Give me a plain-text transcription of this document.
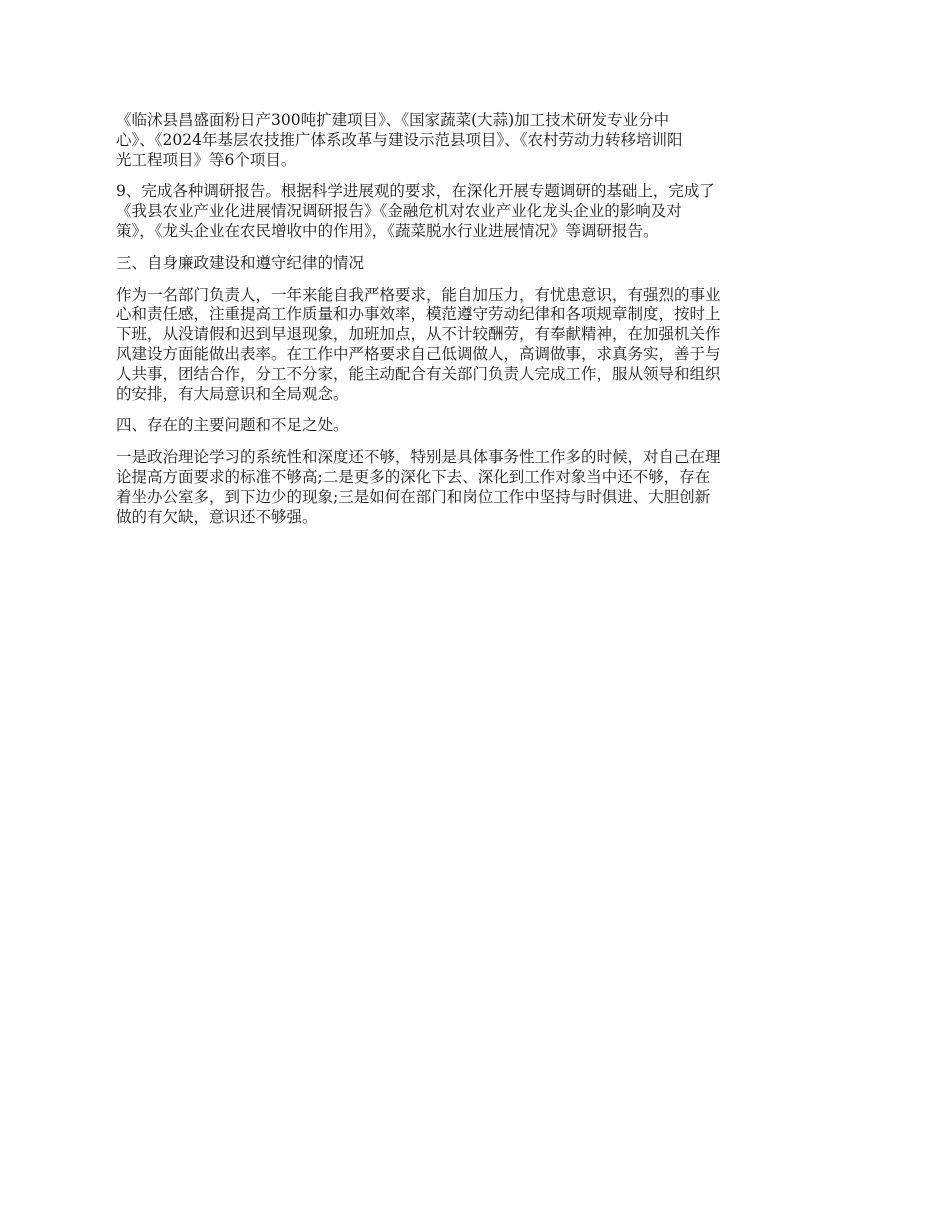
《临沭县昌盛面粉日产300吨扩建项目》、《国家蔬菜(大蒜)加工技术研发专业分中
心》、《2024年基层农技推广体系改革与建设示范县项目》、《农村劳动力转移培训阳
光工程项目》等6个项目。

9、完成各种调研报告。根据科学进展观的要求，在深化开展专题调研的基础上，完成了
《我县农业产业化进展情况调研报告》《金融危机对农业产业化龙头企业的影响及对
策》，《龙头企业在农民增收中的作用》，《蔬菜脱水行业进展情况》等调研报告。

三、自身廉政建设和遵守纪律的情况

作为一名部门负责人，一年来能自我严格要求，能自加压力，有忧患意识，有强烈的事业
心和责任感，注重提高工作质量和办事效率，模范遵守劳动纪律和各项规章制度，按时上
下班，从没请假和迟到早退现象，加班加点，从不计较酬劳，有奉献精神，在加强机关作
风建设方面能做出表率。在工作中严格要求自己低调做人，高调做事，求真务实，善于与
人共事，团结合作，分工不分家，能主动配合有关部门负责人完成工作，服从领导和组织
的安排，有大局意识和全局观念。

四、存在的主要问题和不足之处。

一是政治理论学习的系统性和深度还不够，特别是具体事务性工作多的时候，对自己在理
论提高方面要求的标准不够高;二是更多的深化下去、深化到工作对象当中还不够，存在
着坐办公室多，到下边少的现象;三是如何在部门和岗位工作中坚持与时俱进、大胆创新
做的有欠缺，意识还不够强。
